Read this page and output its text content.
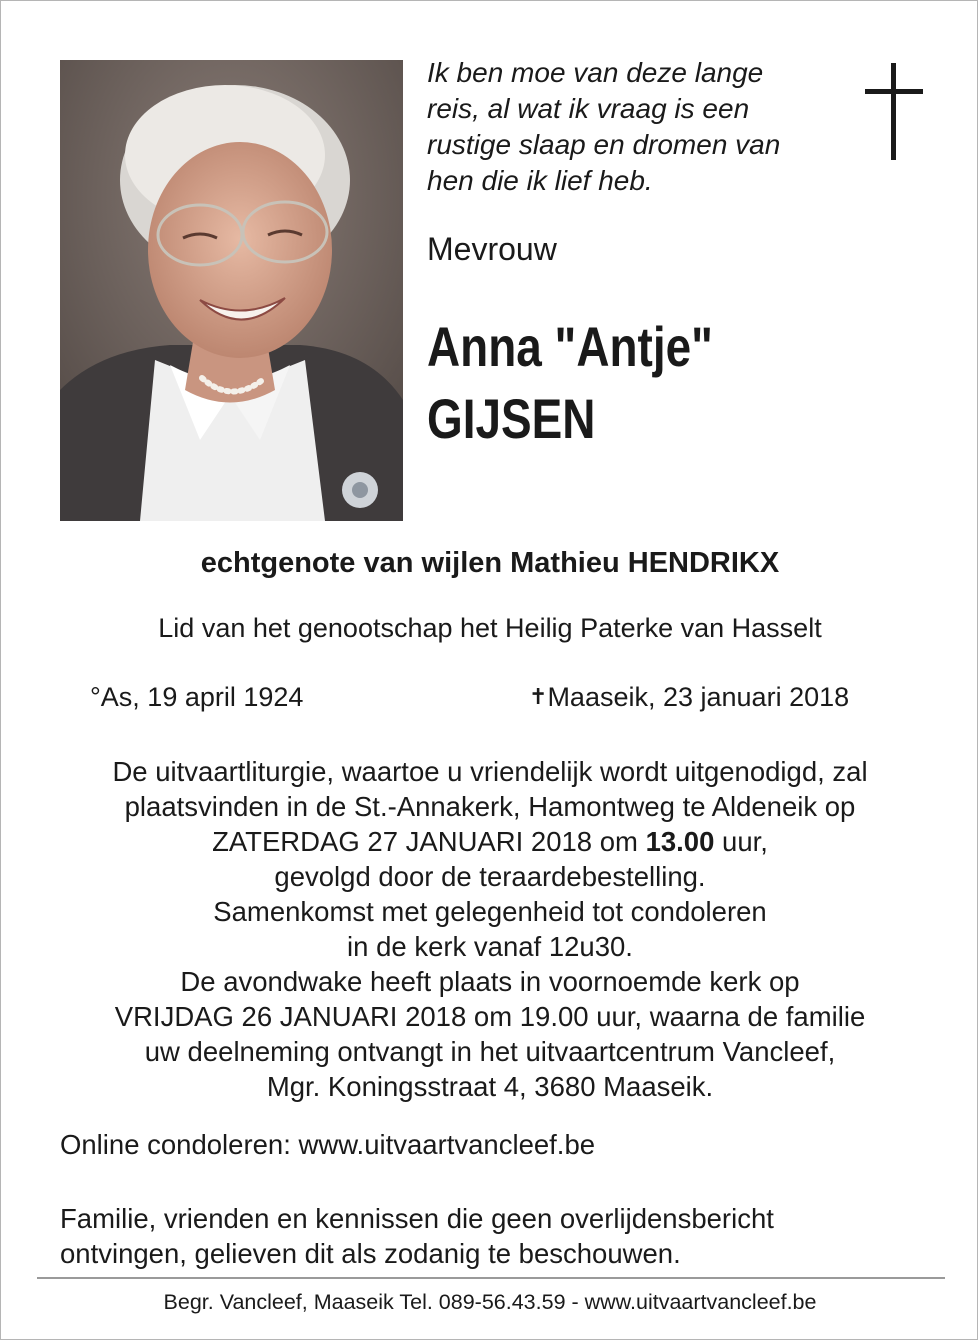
Ik ben moe van deze lange
reis, al wat ik vraag is een
rustige slaap en dromen van
hen die ik lief heb.
Mevrouw
Anna "Antje"
GIJSEN
echtgenote van wijlen Mathieu HENDRIKX
Lid van het genootschap het Heilig Paterke van Hasselt
°As, 19 april 1924	✝Maaseik, 23 januari 2018
De uitvaartliturgie, waartoe u vriendelijk wordt uitgenodigd, zal
plaatsvinden in de St.-Annakerk, Hamontweg te Aldeneik op
ZATERDAG 27 JANUARI 2018 om 13.00 uur,
gevolgd door de teraardebestelling.
Samenkomst met gelegenheid tot condoleren
in de kerk vanaf 12u30.
De avondwake heeft plaats in voornoemde kerk op
VRIJDAG 26 JANUARI 2018 om 19.00 uur, waarna de familie
uw deelneming ontvangt in het uitvaartcentrum Vancleef,
Mgr. Koningsstraat 4, 3680 Maaseik.
Online condoleren: www.uitvaartvancleef.be
Familie, vrienden en kennissen die geen overlijdensbericht
ontvingen, gelieven dit als zodanig te beschouwen.
Begr. Vancleef, Maaseik Tel. 089-56.43.59 - www.uitvaartvancleef.be
